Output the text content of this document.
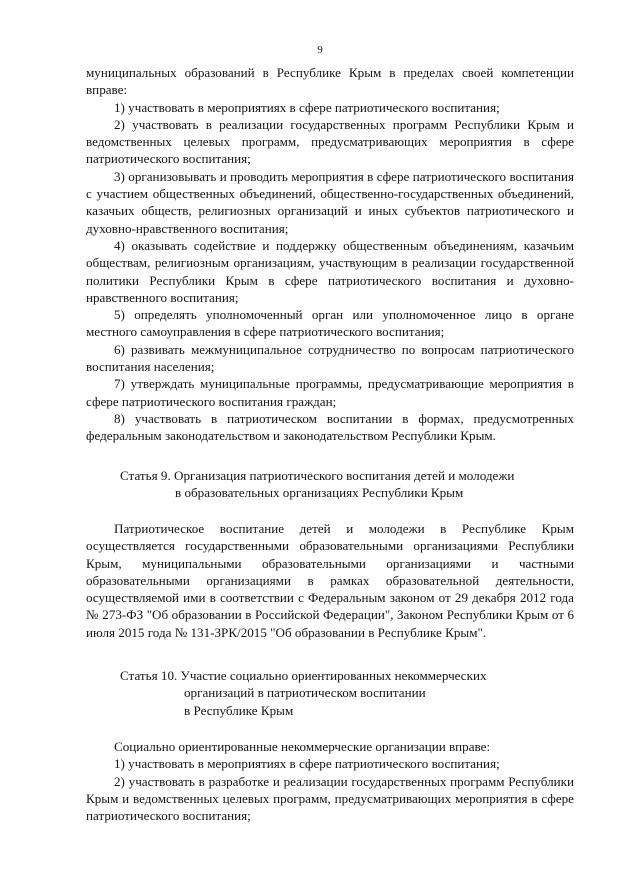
9

муниципальных образований в Республике Крым в пределах своей компетенции вправе:

1) участвовать в мероприятиях в сфере патриотического воспитания;

2) участвовать в реализации государственных программ Республики Крым и ведомственных целевых программ, предусматривающих мероприятия в сфере патриотического воспитания;

3) организовывать и проводить мероприятия в сфере патриотического воспитания с участием общественных объединений, общественно-государственных объединений, казачьих обществ, религиозных организаций и иных субъектов патриотического и духовно-нравственного воспитания;

4) оказывать содействие и поддержку общественным объединениям, казачьим обществам, религиозным организациям, участвующим в реализации государственной политики Республики Крым в сфере патриотического воспитания и духовно-нравственного воспитания;

5) определять уполномоченный орган или уполномоченное лицо в органе местного самоуправления в сфере патриотического воспитания;

6) развивать межмуниципальное сотрудничество по вопросам патриотического воспитания населения;

7) утверждать муниципальные программы, предусматривающие мероприятия в сфере патриотического воспитания граждан;

8) участвовать в патриотическом воспитании в формах, предусмотренных федеральным законодательством и законодательством Республики Крым.

Статья 9. Организация патриотического воспитания детей и молодежи
в образовательных организациях Республики Крым

Патриотическое воспитание детей и молодежи в Республике Крым осуществляется государственными образовательными организациями Республики Крым, муниципальными образовательными организациями и частными образовательными организациями в рамках образовательной деятельности, осуществляемой ими в соответствии с Федеральным законом от 29 декабря 2012 года № 273-ФЗ "Об образовании в Российской Федерации", Законом Республики Крым от 6 июля 2015 года № 131-ЗРК/2015 "Об образовании в Республике Крым".

Статья 10. Участие социально ориентированных некоммерческих
организаций в патриотическом воспитании
в Республике Крым

Социально ориентированные некоммерческие организации вправе:

1) участвовать в мероприятиях в сфере патриотического воспитания;

2) участвовать в разработке и реализации государственных программ Республики Крым и ведомственных целевых программ, предусматривающих мероприятия в сфере патриотического воспитания;
